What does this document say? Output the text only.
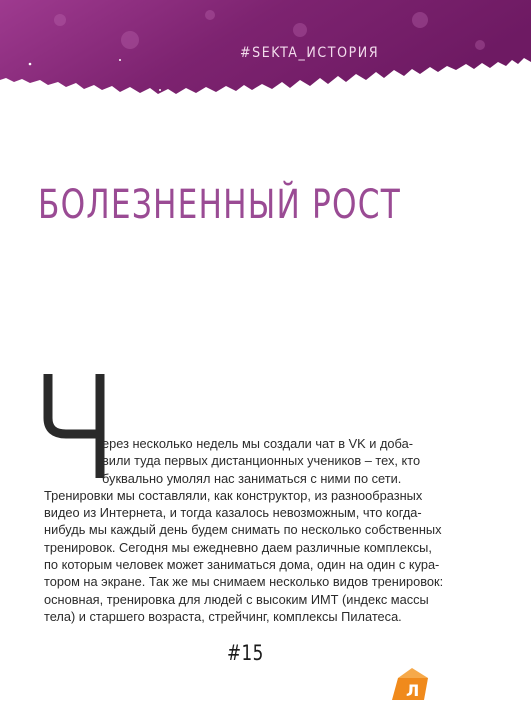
#SEKTA_ИСТОРИЯ
БОЛЕЗНЕННЫЙ РОСТ
ерез несколько недель мы создали чат в VK и доба-
вили туда первых дистанционных учеников – тех, кто
буквально умолял нас заниматься с ними по сети.
Тренировки мы составляли, как конструктор, из разнообразных
видео из Интернета, и тогда казалось невозможным, что когда-
нибудь мы каждый день будем снимать по несколько собственных
тренировок. Сегодня мы ежедневно даем различные комплексы,
по которым человек может заниматься дома, один на один с кура-
тором на экране. Так же мы снимаем несколько видов тренировок:
основная, тренировка для людей с высоким ИМТ (индекс массы
тела) и старшего возраста, стрейчинг, комплексы Пилатеса.
#15
Л
